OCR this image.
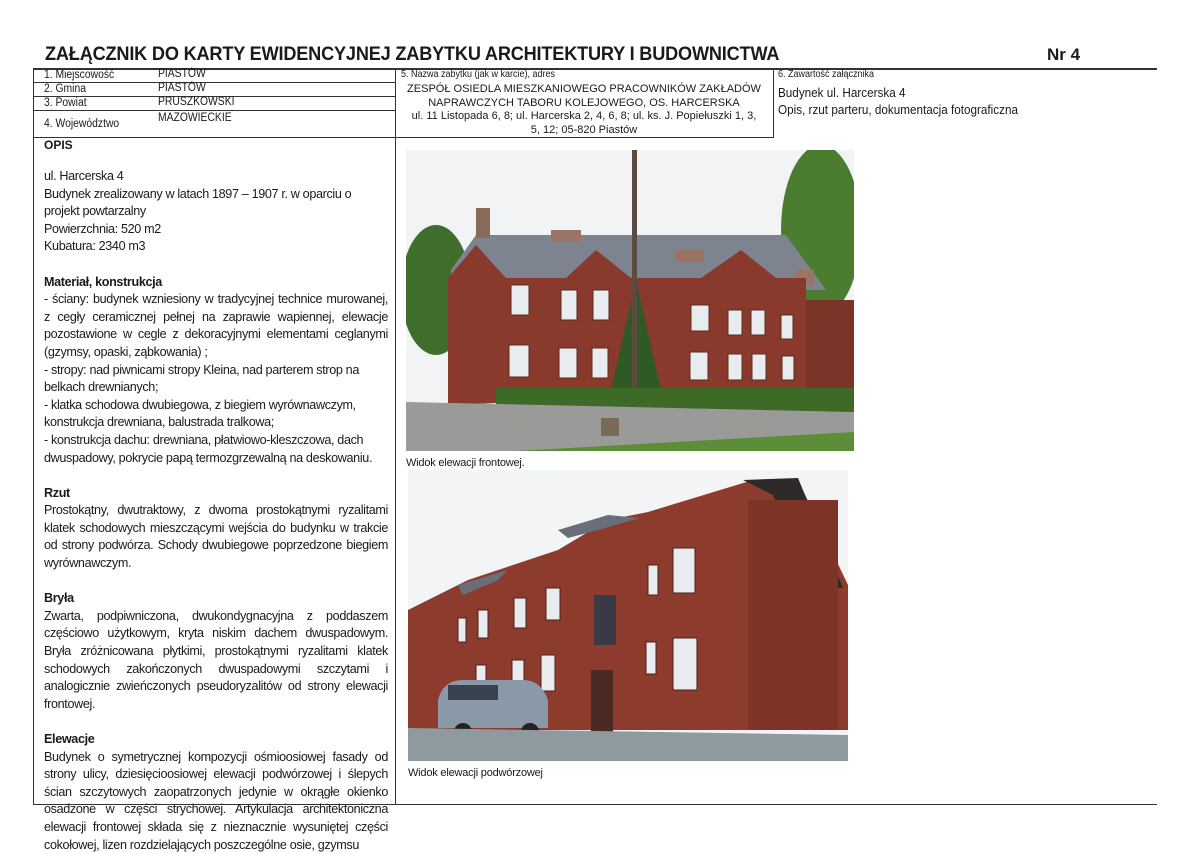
ZAŁĄCZNIK DO KARTY EWIDENCYJNEJ ZABYTKU ARCHITEKTURY I BUDOWNICTWA	Nr 4
1. Miejscowość	PIASTÓW
2. Gmina	PIASTÓW
3. Powiat	PRUSZKOWSKI
4. Województwo	MAZOWIECKIE
5. Nazwa zabytku (jak w karcie), adres
ZESPÓŁ OSIEDLA MIESZKANIOWEGO PRACOWNIKÓW ZAKŁADÓW
NAPRAWCZYCH TABORU KOLEJOWEGO, OS. HARCERSKA
ul. 11 Listopada 6, 8; ul. Harcerska 2, 4, 6, 8; ul. ks. J. Popiełuszki 1, 3,
5, 12; 05-820 Piastów
6. Zawartość załącznika
Budynek ul. Harcerska 4
Opis, rzut parteru, dokumentacja fotograficzna
OPIS

ul. Harcerska 4

Budynek zrealizowany w latach 1897 – 1907 r. w oparciu o projekt powtarzalny

Powierzchnia: 520 m2

Kubatura: 2340 m3

Materiał, konstrukcja

- ściany: budynek wzniesiony w tradycyjnej technice murowanej, z cegły ceramicznej pełnej na zaprawie wapiennej, elewacje pozostawione w cegle z dekoracyjnymi elementami ceglanymi (gzymsy, opaski, ząbkowania) ;

- stropy: nad piwnicami stropy Kleina, nad parterem strop na belkach drewnianych;

- klatka schodowa dwubiegowa, z biegiem wyrównawczym, konstrukcja drewniana, balustrada tralkowa;

- konstrukcja dachu: drewniana, płatwiowo-kleszczowa, dach dwuspadowy, pokrycie papą termozgrzewalną na deskowaniu.

Rzut

Prostokątny, dwutraktowy, z dwoma prostokątnymi ryzalitami klatek schodowych mieszczącymi wejścia do budynku w trakcie od strony podwórza. Schody dwubiegowe poprzedzone biegiem wyrównawczym.

Bryła

Zwarta, podpiwniczona, dwukondygnacyjna z poddaszem częściowo użytkowym, kryta niskim dachem dwuspadowym. Bryła zróżnicowana płytkimi, prostokątnymi ryzalitami klatek schodowych zakończonych dwuspadowymi szczytami i analogicznie zwieńczonych pseudoryzalitów od strony elewacji frontowej.

Elewacje

Budynek o symetrycznej kompozycji ośmioosiowej fasady od strony ulicy, dziesięcioosiowej elewacji podwórzowej i ślepych ścian szczytowych zaopatrzonych jedynie w okrągłe okienko osadzone w części strychowej. Artykulacja architektoniczna elewacji frontowej składa się z nieznacznie wysuniętej części cokołowej, lizen rozdzielających poszczególne osie, gzymsu

Widok elewacji frontowej.
Widok elewacji podwórzowej
